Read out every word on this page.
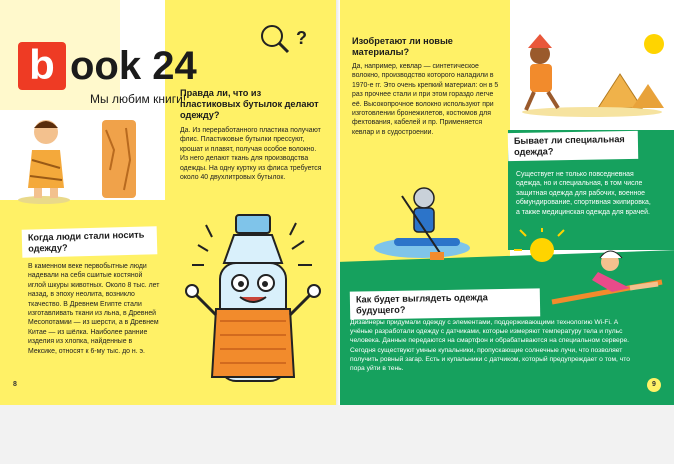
?
Когда люди стали носить одежду?

В каменном веке первобытные люди надевали на себя сшитые костяной иглой шкуры животных. Около 8 тыс. лет назад, в эпоху неолита, возникло ткачество. В Древнем Египте стали изготавливать ткани из льна, в Древней Месопотамии — из шерсти, а в Древнем Китае — из шёлка. Наиболее ранние изделия из хлопка, найденные в Мексике, относят к 6-му тыс. до н. э.

Правда ли, что из пластиковых бутылок делают одежду?

Да. Из переработанного пластика получают флис. Пластиковые бутылки прессуют, крошат и плавят, получая особое волокно. Из него делают ткань для производства одежды. На одну куртку из флиса требуется около 40 двухлитровых бутылок.

Изобретают ли новые материалы?

Да, например, кевлар — синтетическое волокно, производство которого наладили в 1970-е гг. Это очень крепкий материал: он в 5 раз прочнее стали и при этом гораздо легче её. Высокопрочное волокно используют при изготовлении бронежилетов, костюмов для фехтования, кабелей и пр. Применяется кевлар и в судостроении.

Бывает ли специальная одежда?

Существует не только повседневная одежда, но и специальная, в том числе защитная одежда для рабочих, военное обмундирование, спортивная экипировка, а также медицинская одежда для врачей.

Как будет выглядеть одежда будущего?

Дизайнеры придумали одежду с элементами, поддерживающими технологию Wi-Fi. А учёные разработали одежду с датчиками, которые измеряют температуру тела и пульс человека. Данные передаются на смартфон и обрабатываются на специальном сервере. Сегодня существуют умные купальники, пропускающие солнечные лучи, что позволяет получить ровный загар. Есть и купальники с датчиком, который предупреждает о том, что пора уйти в тень.

8	9
b ook 24
Мы любим книги!
